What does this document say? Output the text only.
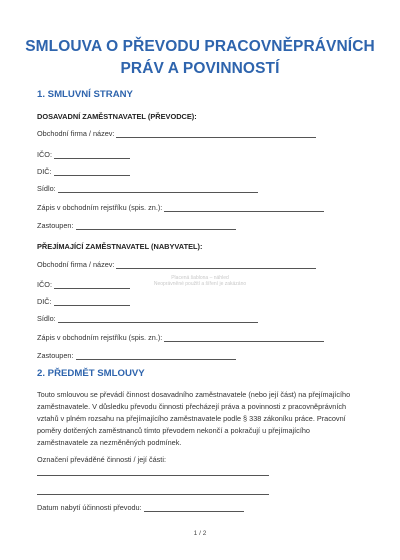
SMLOUVA O PŘEVODU PRACOVNĚPRÁVNÍCH
PRÁV A POVINNOSTÍ
1. SMLUVNÍ STRANY
DOSAVADNÍ ZAMĚSTNAVATEL (PŘEVODCE):
Obchodní firma / název:
IČO:
DIČ:
Sídlo:
Zápis v obchodním rejstříku (spis. zn.):
Zastoupen:
PŘEJÍMAJÍCÍ ZAMĚSTNAVATEL (NABYVATEL):
Obchodní firma / název:
IČO:
DIČ:
Sídlo:
Zápis v obchodním rejstříku (spis. zn.):
Zastoupen:
2. PŘEDMĚT SMLOUVY
Touto smlouvou se převádí činnost dosavadního zaměstnavatele (nebo její část) na přejímajícího
zaměstnavatele. V důsledku převodu činnosti přecházejí práva a povinnosti z pracovněprávních
vztahů v plném rozsahu na přejímajícího zaměstnavatele podle § 338 zákoníku práce. Pracovní
poměry dotčených zaměstnanců tímto převodem nekončí a pokračují u přejímajícího
zaměstnavatele za nezměněných podmínek.
Označení převáděné činnosti / její části:
Datum nabytí účinnosti převodu:
1 / 2
Placená šablona – náhled
Neoprávněné použití a šíření je zakázáno
